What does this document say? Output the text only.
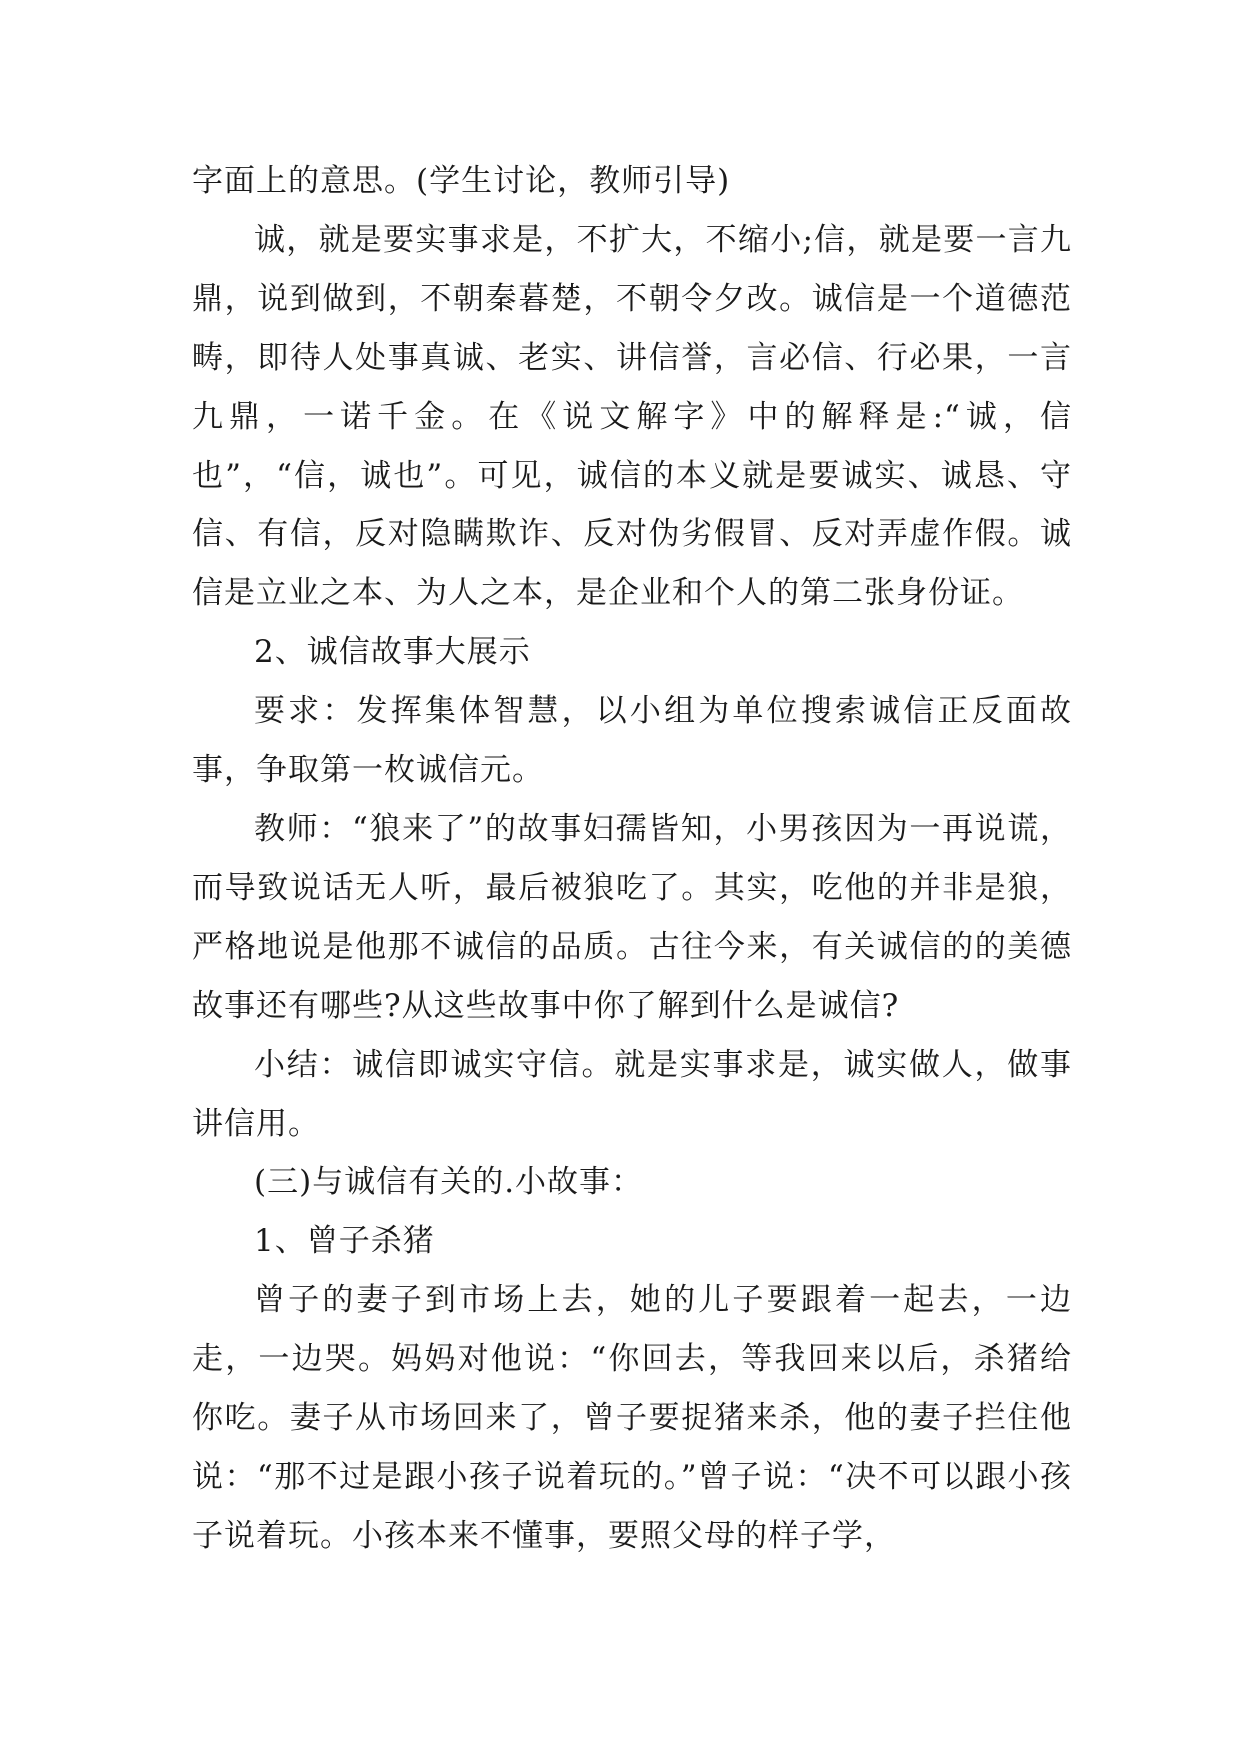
字面上的意思。(学生讨论，教师引导)

诚，就是要实事求是，不扩大，不缩小;信，就是要一言九鼎，说到做到，不朝秦暮楚，不朝令夕改。诚信是一个道德范畴，即待人处事真诚、老实、讲信誉，言必信、行必果，一言九鼎，一诺千金。在《说文解字》中的解释是:“诚，信也”，“信，诚也”。可见，诚信的本义就是要诚实、诚恳、守信、有信，反对隐瞒欺诈、反对伪劣假冒、反对弄虚作假。诚信是立业之本、为人之本，是企业和个人的第二张身份证。

2、诚信故事大展示

要求：发挥集体智慧，以小组为单位搜索诚信正反面故事，争取第一枚诚信元。

教师：“狼来了”的故事妇孺皆知，小男孩因为一再说谎，而导致说话无人听，最后被狼吃了。其实，吃他的并非是狼，严格地说是他那不诚信的品质。古往今来，有关诚信的的美德故事还有哪些?从这些故事中你了解到什么是诚信?

小结：诚信即诚实守信。就是实事求是，诚实做人，做事讲信用。

(三)与诚信有关的.小故事：

1、曾子杀猪

曾子的妻子到市场上去，她的儿子要跟着一起去，一边走，一边哭。妈妈对他说：“你回去，等我回来以后，杀猪给你吃。妻子从市场回来了，曾子要捉猪来杀，他的妻子拦住他说：“那不过是跟小孩子说着玩的。”曾子说：“决不可以跟小孩子说着玩。小孩本来不懂事，要照父母的样子学，
